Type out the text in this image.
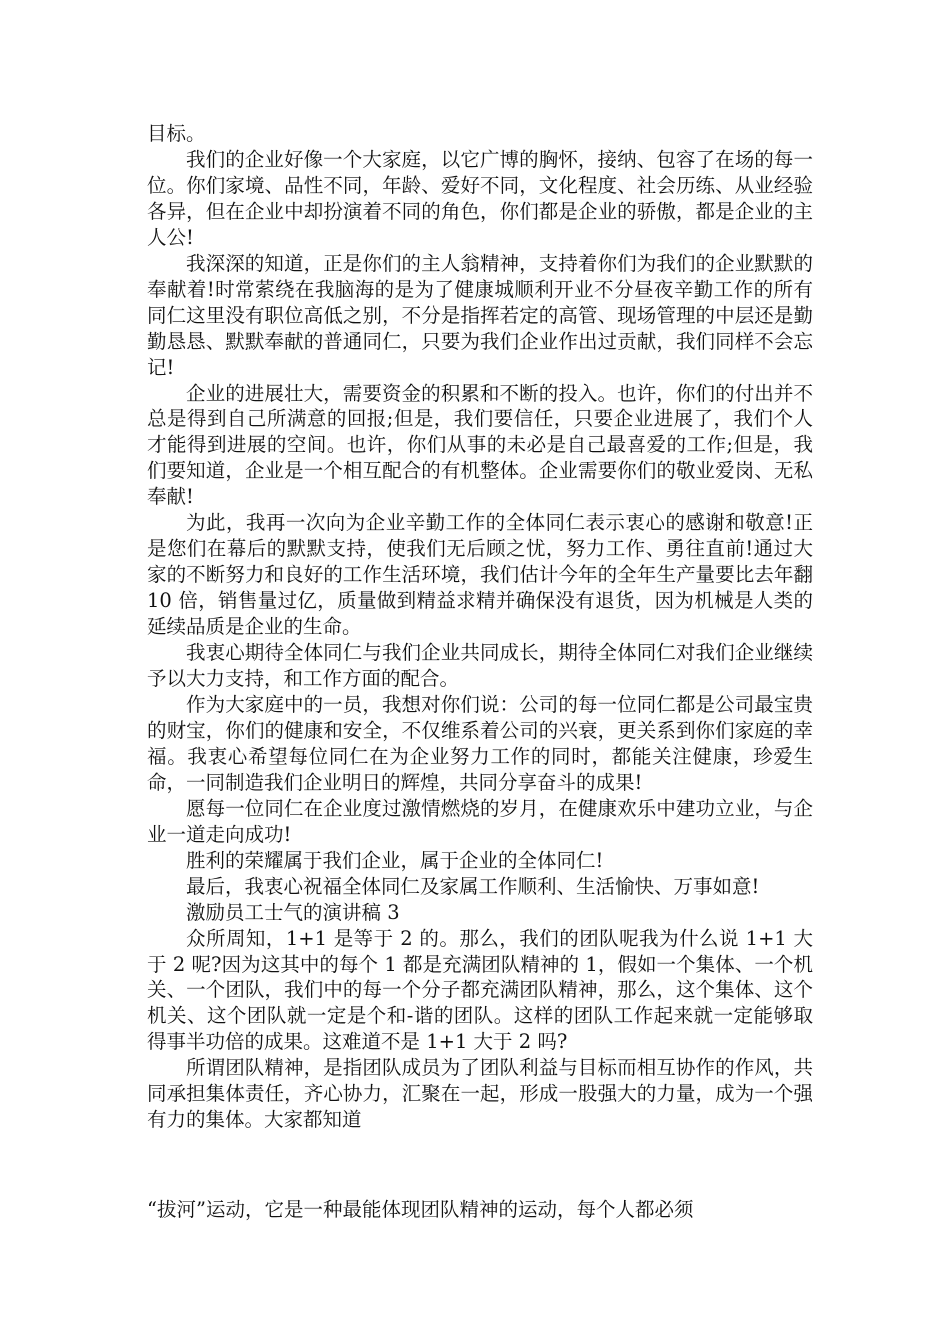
目标。

我们的企业好像一个大家庭，以它广博的胸怀，接纳、包容了在场的每一位。你们家境、品性不同，年龄、爱好不同，文化程度、社会历练、从业经验各异，但在企业中却扮演着不同的角色，你们都是企业的骄傲，都是企业的主人公!

我深深的知道，正是你们的主人翁精神，支持着你们为我们的企业默默的奉献着!时常萦绕在我脑海的是为了健康城顺利开业不分昼夜辛勤工作的所有同仁这里没有职位高低之别，不分是指挥若定的高管、现场管理的中层还是勤勤恳恳、默默奉献的普通同仁，只要为我们企业作出过贡献，我们同样不会忘记!

企业的进展壮大，需要资金的积累和不断的投入。也许，你们的付出并不总是得到自己所满意的回报;但是，我们要信任，只要企业进展了，我们个人才能得到进展的空间。也许，你们从事的未必是自己最喜爱的工作;但是，我们要知道，企业是一个相互配合的有机整体。企业需要你们的敬业爱岗、无私奉献!

为此，我再一次向为企业辛勤工作的全体同仁表示衷心的感谢和敬意!正是您们在幕后的默默支持，使我们无后顾之忧，努力工作、勇往直前!通过大家的不断努力和良好的工作生活环境，我们估计今年的全年生产量要比去年翻 10 倍，销售量过亿，质量做到精益求精并确保没有退货，因为机械是人类的延续品质是企业的生命。

我衷心期待全体同仁与我们企业共同成长，期待全体同仁对我们企业继续予以大力支持，和工作方面的配合。

作为大家庭中的一员，我想对你们说：公司的每一位同仁都是公司最宝贵的财宝，你们的健康和安全，不仅维系着公司的兴衰，更关系到你们家庭的幸福。我衷心希望每位同仁在为企业努力工作的同时，都能关注健康，珍爱生命，一同制造我们企业明日的辉煌，共同分享奋斗的成果!

愿每一位同仁在企业度过激情燃烧的岁月，在健康欢乐中建功立业，与企业一道走向成功!

胜利的荣耀属于我们企业，属于企业的全体同仁!

最后，我衷心祝福全体同仁及家属工作顺利、生活愉快、万事如意!

激励员工士气的演讲稿 3

众所周知，1+1 是等于 2 的。那么，我们的团队呢我为什么说 1+1 大于 2 呢?因为这其中的每个 1 都是充满团队精神的 1，假如一个集体、一个机关、一个团队，我们中的每一个分子都充满团队精神，那么，这个集体、这个机关、这个团队就一定是个和-谐的团队。这样的团队工作起来就一定能够取得事半功倍的成果。这难道不是 1+1 大于 2 吗?

所谓团队精神，是指团队成员为了团队利益与目标而相互协作的作风，共同承担集体责任，齐心协力，汇聚在一起，形成一股强大的力量，成为一个强有力的集体。大家都知道

“拔河”运动，它是一种最能体现团队精神的运动，每个人都必须
